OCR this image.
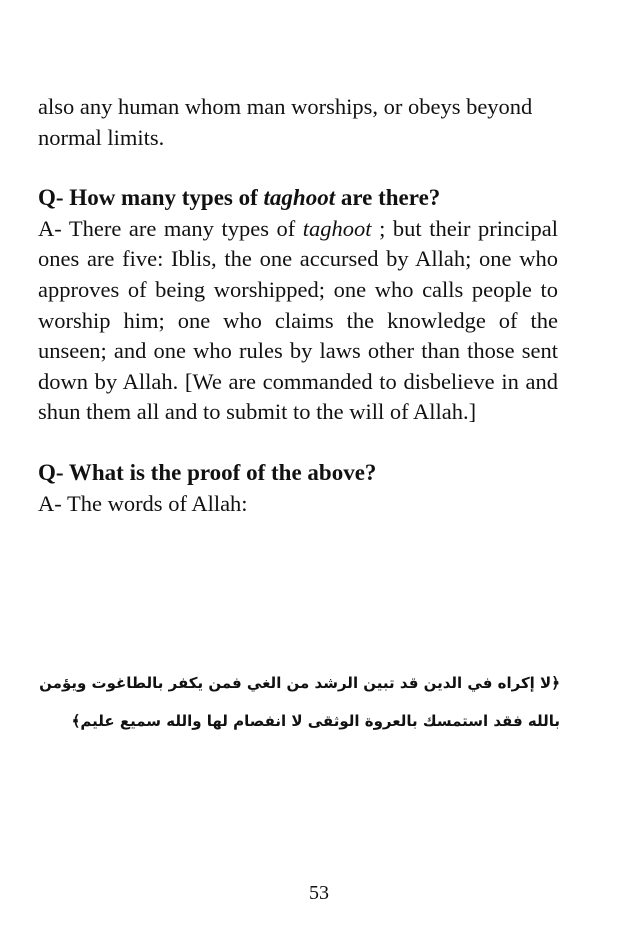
also any human whom man worships, or obeys beyond normal limits.

Q- How many types of taghoot are there?

A- There are many types of taghoot ; but their principal ones are five: Iblis, the one accursed by Allah; one who approves of being worshipped; one who calls people to worship him; one who claims the knowledge of the unseen; and one who rules by laws other than those sent down by Allah. [We are commanded to disbelieve in and shun them all and to submit to the will of Allah.]

Q- What is the proof of the above?

A- The words of Allah:

﴿لا إكراه في الدين قد تبين الرشد من الغي فمن يكفر بالطاغوت ويؤمن
بالله فقد استمسك بالعروة الوثقى لا انفصام لها والله سميع عليم﴾
53
